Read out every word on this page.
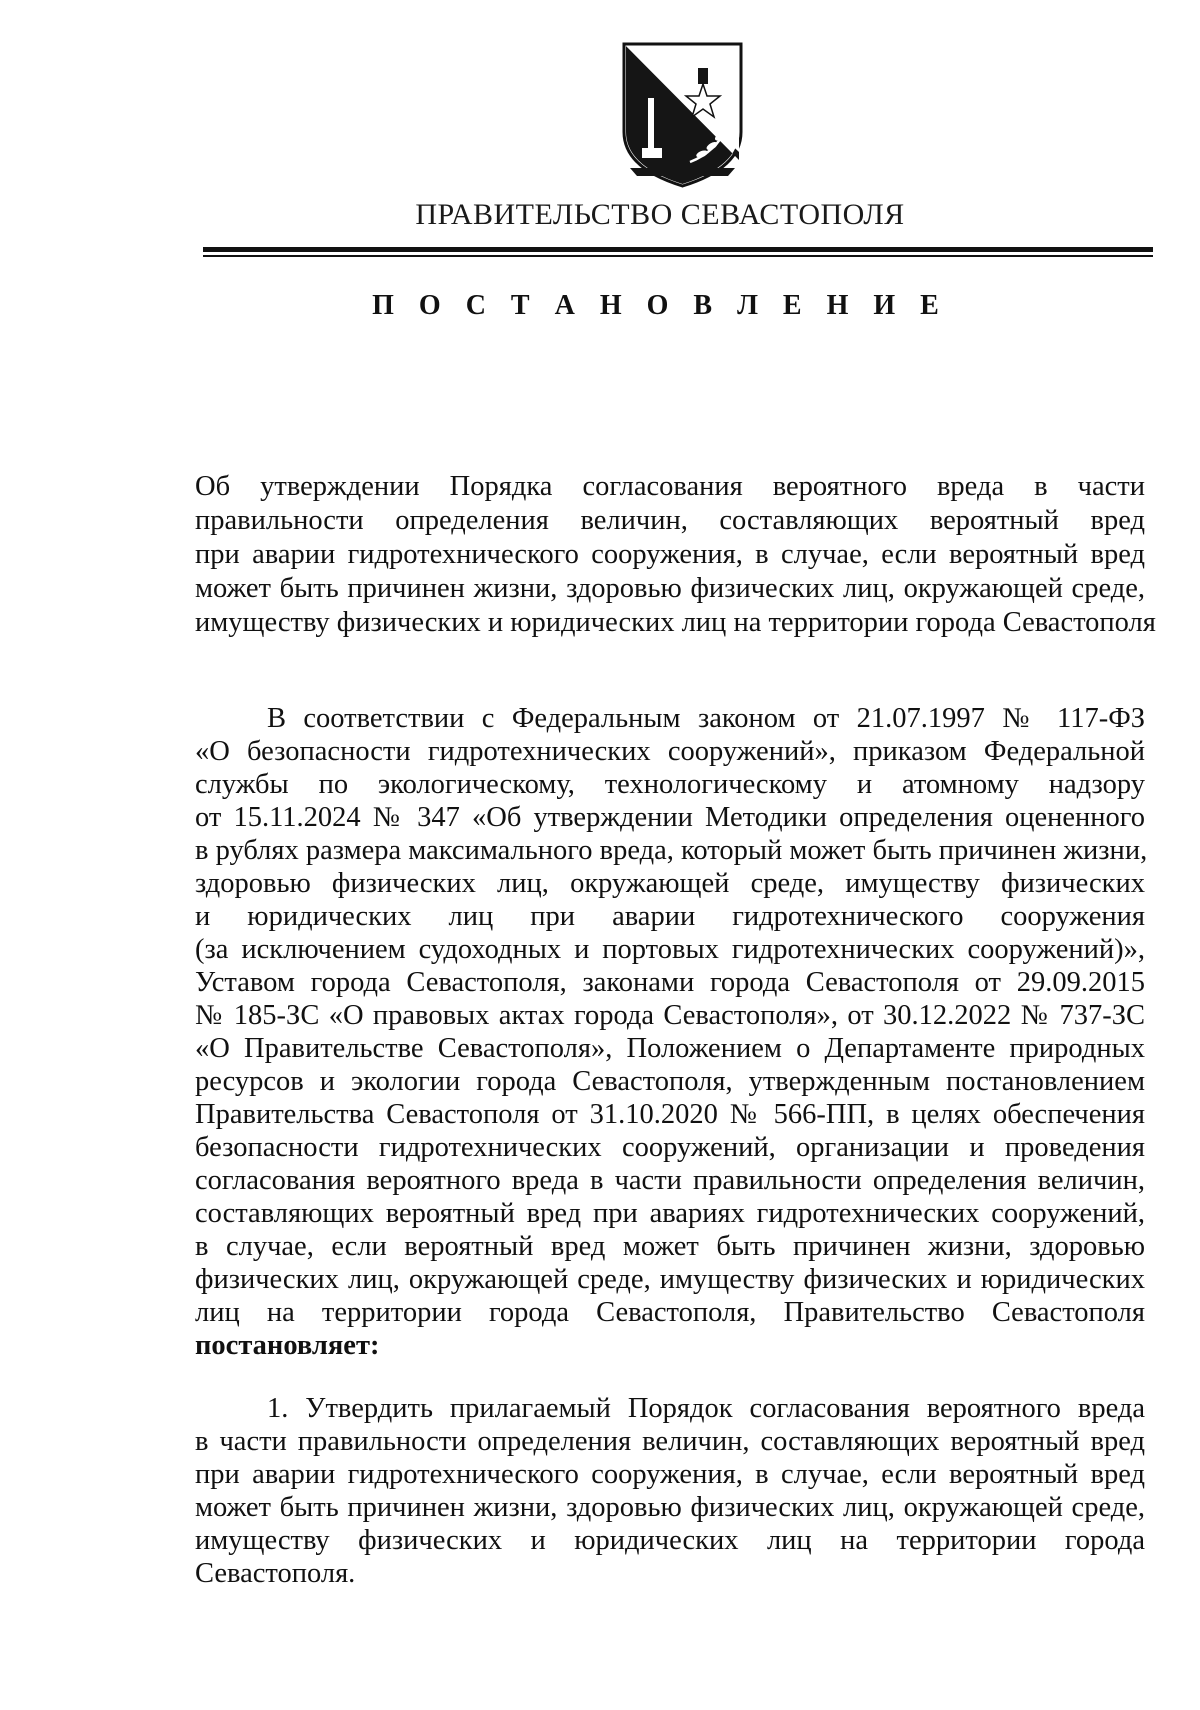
ПРАВИТЕЛЬСТВО СЕВАСТОПОЛЯ
П О С Т А Н О В Л Е Н И Е
Об утверждении Порядка согласования вероятного вреда в части
правильности определения величин, составляющих вероятный вред
при аварии гидротехнического сооружения, в случае, если вероятный вред
может быть причинен жизни, здоровью физических лиц, окружающей среде,
имуществу физических и юридических лиц на территории города Севастополя
В соответствии с Федеральным законом от 21.07.1997 № 117-ФЗ
«О безопасности гидротехнических сооружений», приказом Федеральной
службы по экологическому, технологическому и атомному надзору
от 15.11.2024 № 347 «Об утверждении Методики определения оцененного
в рублях размера максимального вреда, который может быть причинен жизни,
здоровью физических лиц, окружающей среде, имуществу физических
и юридических лиц при аварии гидротехнического сооружения
(за исключением судоходных и портовых гидротехнических сооружений)»,
Уставом города Севастополя, законами города Севастополя от 29.09.2015
№ 185-ЗС «О правовых актах города Севастополя», от 30.12.2022 № 737-ЗС
«О Правительстве Севастополя», Положением о Департаменте природных
ресурсов и экологии города Севастополя, утвержденным постановлением
Правительства Севастополя от 31.10.2020 № 566-ПП, в целях обеспечения
безопасности гидротехнических сооружений, организации и проведения
согласования вероятного вреда в части правильности определения величин,
составляющих вероятный вред при авариях гидротехнических сооружений,
в случае, если вероятный вред может быть причинен жизни, здоровью
физических лиц, окружающей среде, имуществу физических и юридических
лиц на территории города Севастополя, Правительство Севастополя
постановляет:
1. Утвердить прилагаемый Порядок согласования вероятного вреда
в части правильности определения величин, составляющих вероятный вред
при аварии гидротехнического сооружения, в случае, если вероятный вред
может быть причинен жизни, здоровью физических лиц, окружающей среде,
имуществу физических и юридических лиц на территории города
Севастополя.
